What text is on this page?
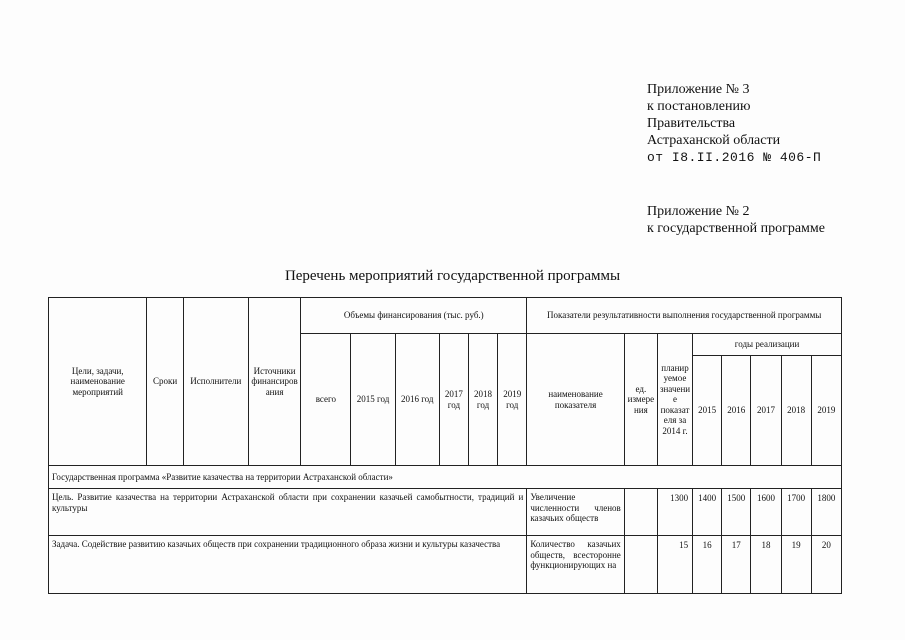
Приложение № 3
к постановлению
Правительства
Астраханской области
от I8.II.2016 № 406-П
Приложение № 2
к государственной программе
Перечень мероприятий государственной программы
Цели, задачи, наименование мероприятий	Сроки	Исполнители	Источники финансирования	Объемы финансирования (тыс. руб.)						Показатели результативности выполнения государственной программы							
				всего	2015 год	2016 год	2017 год	2018 год	2019 год	наименование показателя	ед. измерения	планируемое значение показателя за 2014 г.	годы реализации				
													2015	2016	2017	2018	2019
Государственная программа «Развитие казачества на территории Астраханской области»																	
Цель. Развитие казачества на территории Астраханской области при сохранении казачьей самобытности, традиций и культуры										Увеличение численности членов казачьих обществ		1300	1400	1500	1600	1700	1800
Задача. Содействие развитию казачьих обществ при сохранении традиционного образа жизни и культуры казачества										Количество казачьих обществ, всесторонне функционирующих на		15	16	17	18	19	20
